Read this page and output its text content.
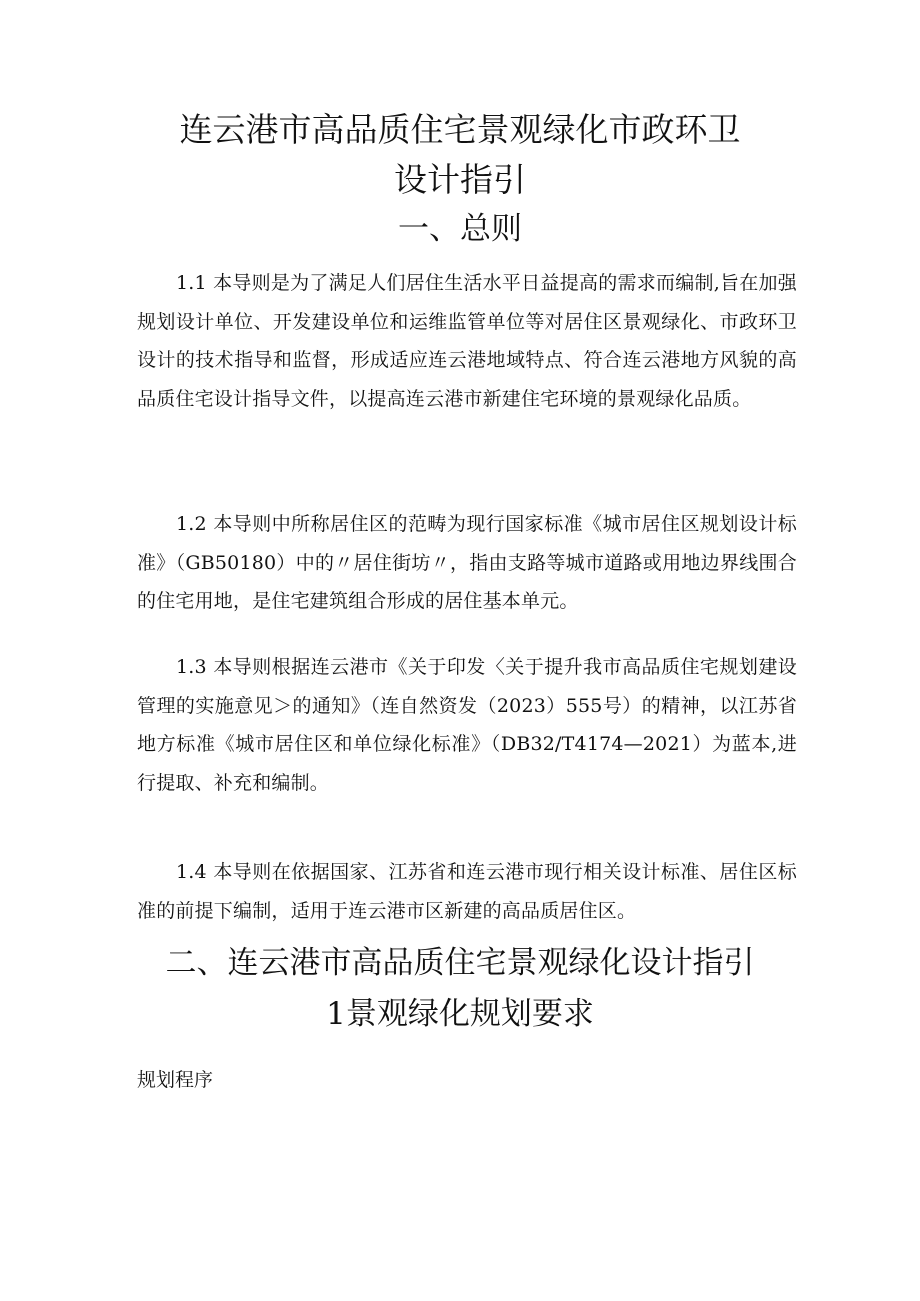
连云港市高品质住宅景观绿化市政环卫
设计指引
一、总则
1.1 本导则是为了满足人们居住生活水平日益提高的需求而编制,旨在加强规划设计单位、开发建设单位和运维监管单位等对居住区景观绿化、市政环卫设计的技术指导和监督，形成适应连云港地域特点、符合连云港地方风貌的高品质住宅设计指导文件，以提高连云港市新建住宅环境的景观绿化品质。
1.2 本导则中所称居住区的范畴为现行国家标准《城市居住区规划设计标准》（GB50180）中的〃居住街坊〃，指由支路等城市道路或用地边界线围合的住宅用地，是住宅建筑组合形成的居住基本单元。
1.3 本导则根据连云港市《关于印发〈关于提升我市高品质住宅规划建设管理的实施意见＞的通知》（连自然资发（2023）555号）的精神，以江苏省地方标准《城市居住区和单位绿化标准》（DB32/T4174—2021）为蓝本,进行提取、补充和编制。
1.4 本导则在依据国家、江苏省和连云港市现行相关设计标准、居住区标准的前提下编制，适用于连云港市区新建的高品质居住区。
二、连云港市高品质住宅景观绿化设计指引
1景观绿化规划要求
规划程序
